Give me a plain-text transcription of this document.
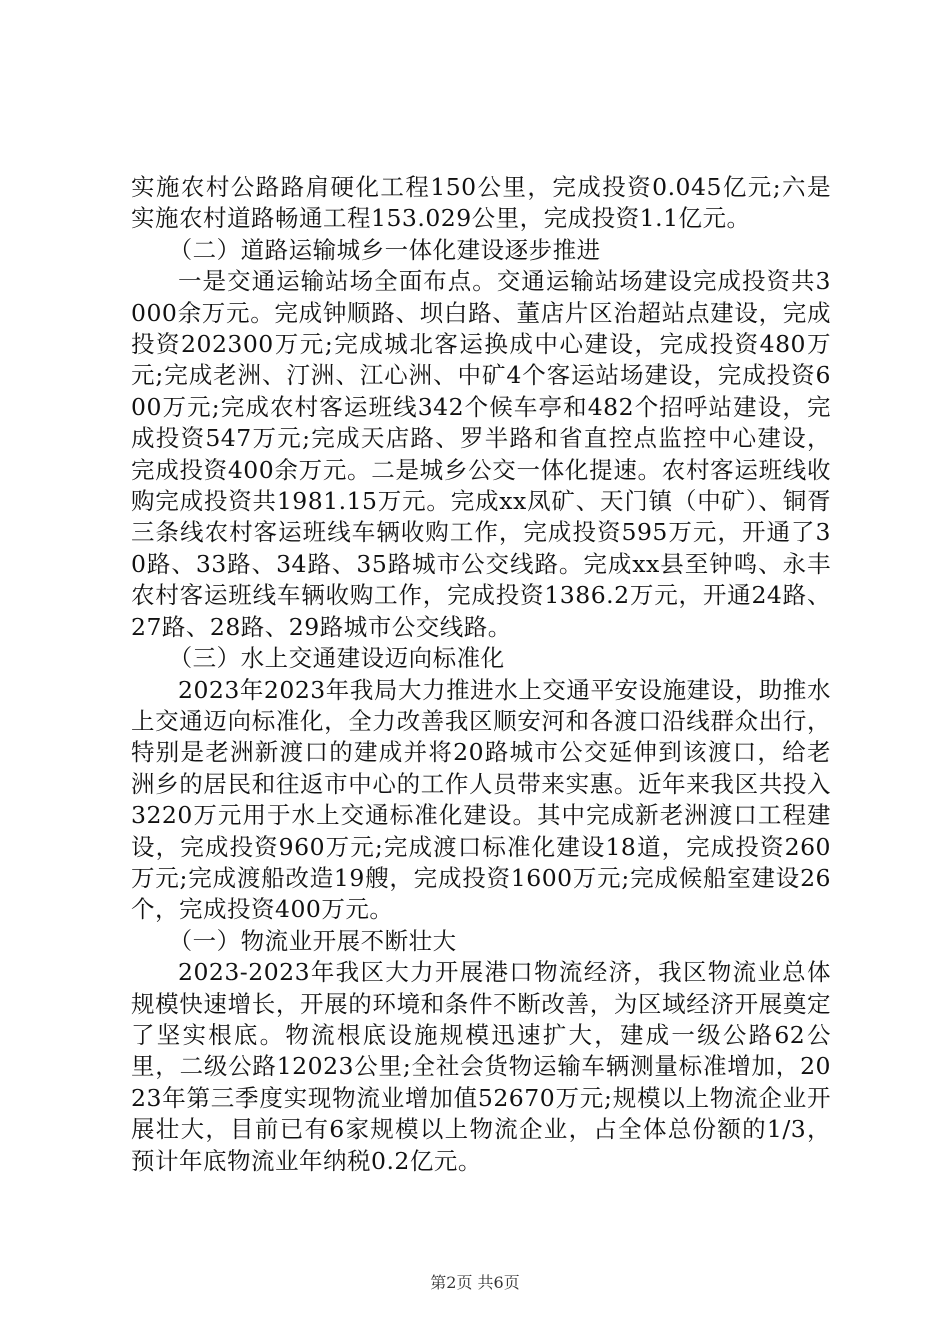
实施农村公路路肩硬化工程150公里，完成投资0.045亿元;六是实施农村道路畅通工程153.029公里，完成投资1.1亿元。

（二）道路运输城乡一体化建设逐步推进

一是交通运输站场全面布点。交通运输站场建设完成投资共3000余万元。完成钟顺路、坝白路、董店片区治超站点建设，完成投资202300万元;完成城北客运换成中心建设，完成投资480万元;完成老洲、汀洲、江心洲、中矿4个客运站场建设，完成投资600万元;完成农村客运班线342个候车亭和482个招呼站建设，完成投资547万元;完成天店路、罗半路和省直控点监控中心建设，完成投资400余万元。二是城乡公交一体化提速。农村客运班线收购完成投资共1981.15万元。完成xx凤矿、天门镇（中矿）、铜胥三条线农村客运班线车辆收购工作，完成投资595万元，开通了30路、33路、34路、35路城市公交线路。完成xx县至钟鸣、永丰农村客运班线车辆收购工作，完成投资1386.2万元，开通24路、27路、28路、29路城市公交线路。

（三）水上交通建设迈向标准化

2023年2023年我局大力推进水上交通平安设施建设，助推水上交通迈向标准化，全力改善我区顺安河和各渡口沿线群众出行，特别是老洲新渡口的建成并将20路城市公交延伸到该渡口，给老洲乡的居民和往返市中心的工作人员带来实惠。近年来我区共投入3220万元用于水上交通标准化建设。其中完成新老洲渡口工程建设，完成投资960万元;完成渡口标准化建设18道，完成投资260万元;完成渡船改造19艘，完成投资1600万元;完成候船室建设26个，完成投资400万元。

（一）物流业开展不断壮大

2023-2023年我区大力开展港口物流经济，我区物流业总体规模快速增长，开展的环境和条件不断改善，为区域经济开展奠定了坚实根底。物流根底设施规模迅速扩大，建成一级公路62公里，二级公路12023公里;全社会货物运输车辆测量标准增加，2023年第三季度实现物流业增加值52670万元;规模以上物流企业开展壮大，目前已有6家规模以上物流企业，占全体总份额的1/3，预计年底物流业年纳税0.2亿元。

第2页 共6页
